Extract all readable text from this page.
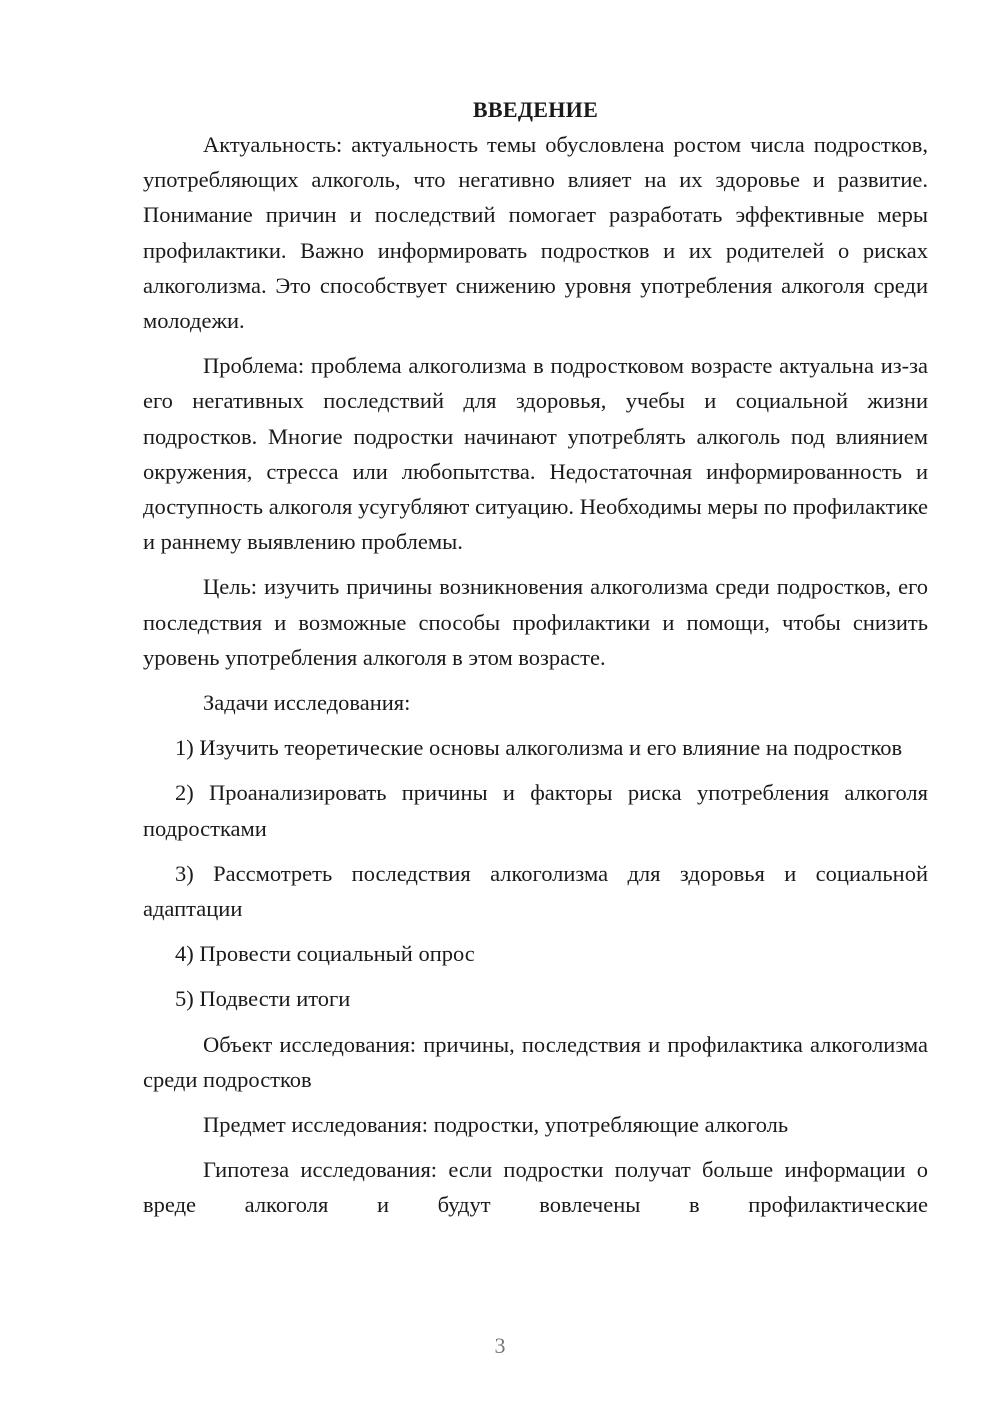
ВВЕДЕНИЕ

Актуальность: актуальность темы обусловлена ростом числа подростков, употребляющих алкоголь, что негативно влияет на их здоровье и развитие. Понимание причин и последствий помогает разработать эффективные меры профилактики. Важно информировать подростков и их родителей о рисках алкоголизма. Это способствует снижению уровня употребления алкоголя среди молодежи.

Проблема: проблема алкоголизма в подростковом возрасте актуальна из-за его негативных последствий для здоровья, учебы и социальной жизни подростков. Многие подростки начинают употреблять алкоголь под влиянием окружения, стресса или любопытства. Недостаточная информированность и доступность алкоголя усугубляют ситуацию. Необходимы меры по профилактике и раннему выявлению проблемы.

Цель: изучить причины возникновения алкоголизма среди подростков, его последствия и возможные способы профилактики и помощи, чтобы снизить уровень употребления алкоголя в этом возрасте.

Задачи исследования:

1) Изучить теоретические основы алкоголизма и его влияние на подростков

2) Проанализировать причины и факторы риска употребления алкоголя подростками

3) Рассмотреть последствия алкоголизма для здоровья и социальной адаптации

4) Провести социальный опрос

5) Подвести итоги

Объект исследования: причины, последствия и профилактика алкоголизма среди подростков

Предмет исследования: подростки, употребляющие алкоголь

Гипотеза исследования: если подростки получат больше информации о вреде алкоголя и будут вовлечены в профилактические

3
